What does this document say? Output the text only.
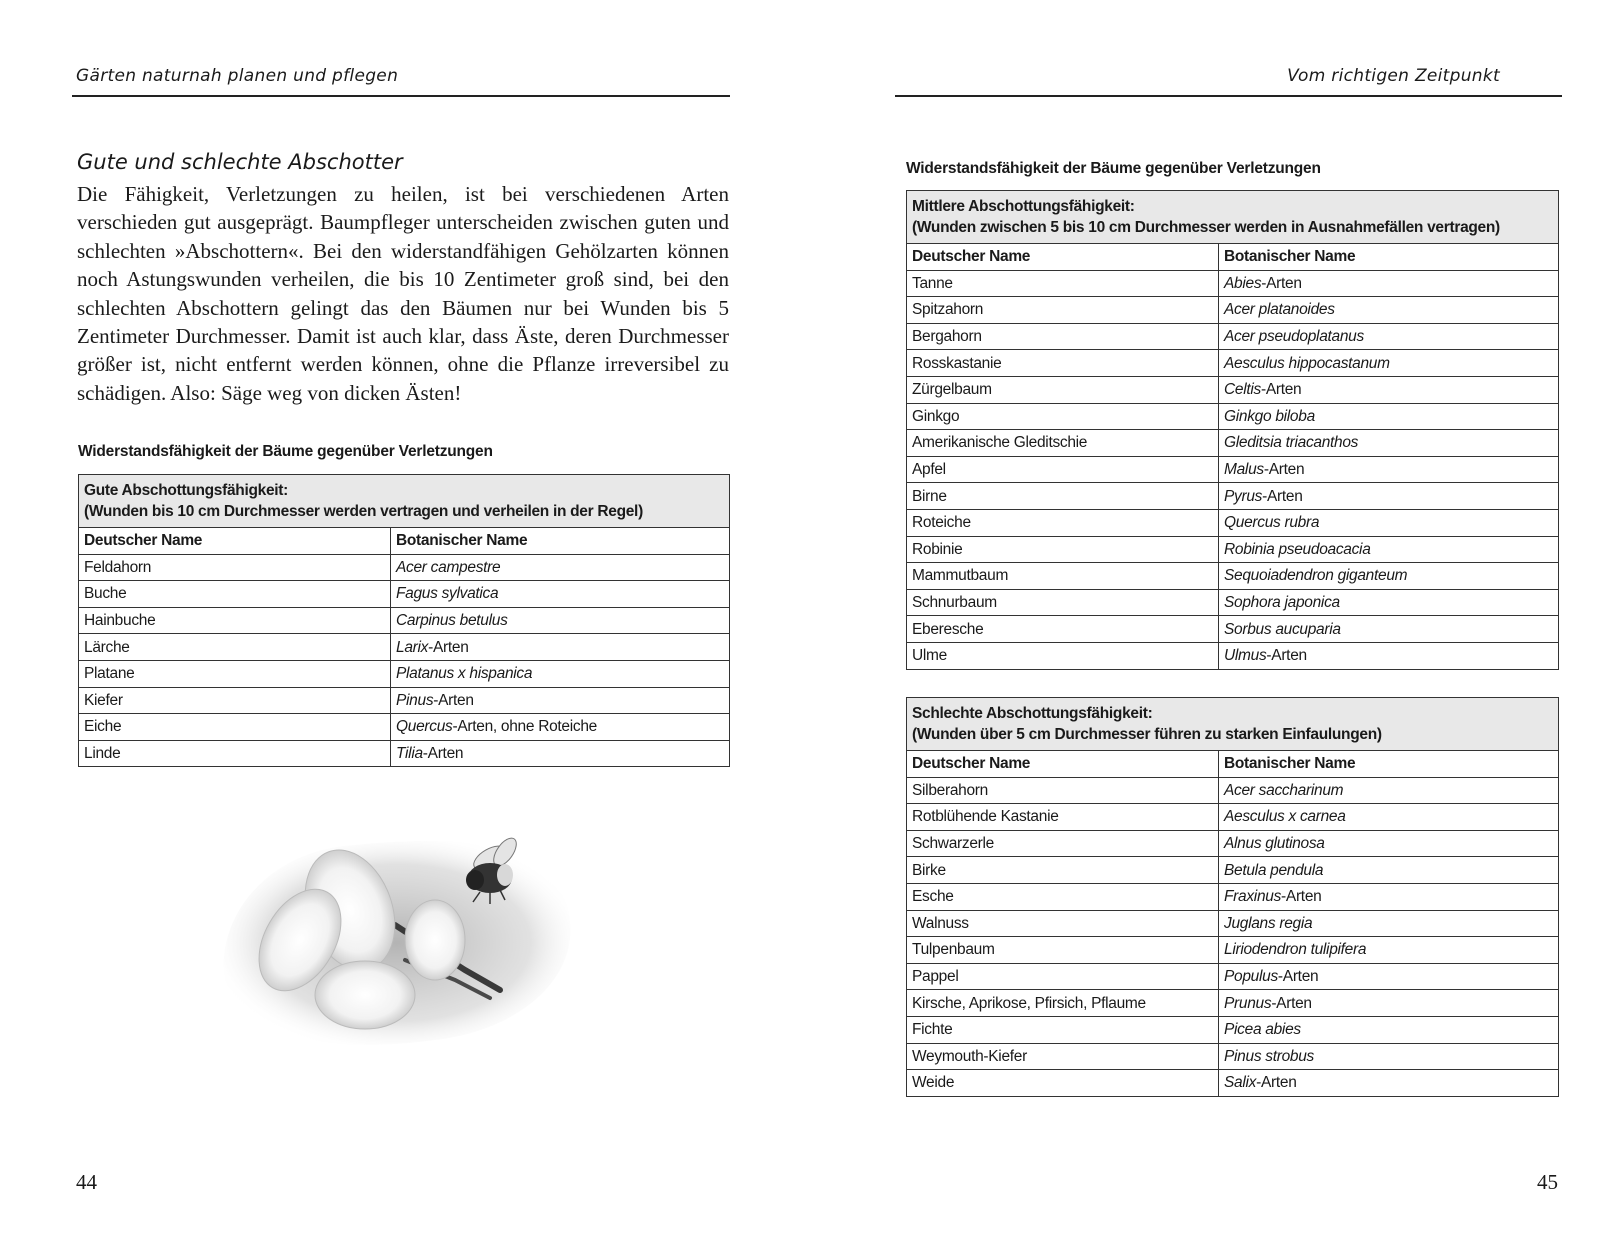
Gärten naturnah planen und pflegen
Gute und schlechte Abschotter
Die Fähigkeit, Verletzungen zu heilen, ist bei verschiedenen Arten verschieden gut ausgeprägt. Baumpfleger unterscheiden zwischen guten und schlechten »Abschottern«. Bei den widerstandfähigen Gehölzarten können noch Astungswunden verheilen, die bis 10 Zentimeter groß sind, bei den schlechten Abschottern gelingt das den Bäumen nur bei Wunden bis 5 Zentimeter Durchmesser. Damit ist auch klar, dass Äste, deren Durchmesser größer ist, nicht entfernt werden können, ohne die Pflanze irreversibel zu schädigen. Also: Säge weg von dicken Ästen!
Widerstandsfähigkeit der Bäume gegenüber Verletzungen
Gute Abschottungsfähigkeit:
(Wunden bis 10 cm Durchmesser werden vertragen und verheilen in der Regel)	

Deutscher Name	Botanischer Name
Feldahorn	Acer campestre
Buche	Fagus sylvatica
Hainbuche	Carpinus betulus
Lärche	Larix-Arten
Platane	Platanus x hispanica
Kiefer	Pinus-Arten
Eiche	Quercus-Arten, ohne Roteiche
Linde	Tilia-Arten
44
Vom richtigen Zeitpunkt
Widerstandsfähigkeit der Bäume gegenüber Verletzungen
Mittlere Abschottungsfähigkeit:
(Wunden zwischen 5 bis 10 cm Durchmesser werden in Ausnahmefällen vertragen)	

Deutscher Name	Botanischer Name
Tanne	Abies-Arten
Spitzahorn	Acer platanoides
Bergahorn	Acer pseudoplatanus
Rosskastanie	Aesculus hippocastanum
Zürgelbaum	Celtis-Arten
Ginkgo	Ginkgo biloba
Amerikanische Gleditschie	Gleditsia triacanthos
Apfel	Malus-Arten
Birne	Pyrus-Arten
Roteiche	Quercus rubra
Robinie	Robinia pseudoacacia
Mammutbaum	Sequoiadendron giganteum
Schnurbaum	Sophora japonica
Eberesche	Sorbus aucuparia
Ulme	Ulmus-Arten
Schlechte Abschottungsfähigkeit:
(Wunden über 5 cm Durchmesser führen zu starken Einfaulungen)	

Deutscher Name	Botanischer Name
Silberahorn	Acer saccharinum
Rotblühende Kastanie	Aesculus x carnea
Schwarzerle	Alnus glutinosa
Birke	Betula pendula
Esche	Fraxinus-Arten
Walnuss	Juglans regia
Tulpenbaum	Liriodendron tulipifera
Pappel	Populus-Arten
Kirsche, Aprikose, Pfirsich, Pflaume	Prunus-Arten
Fichte	Picea abies
Weymouth-Kiefer	Pinus strobus
Weide	Salix-Arten
45
